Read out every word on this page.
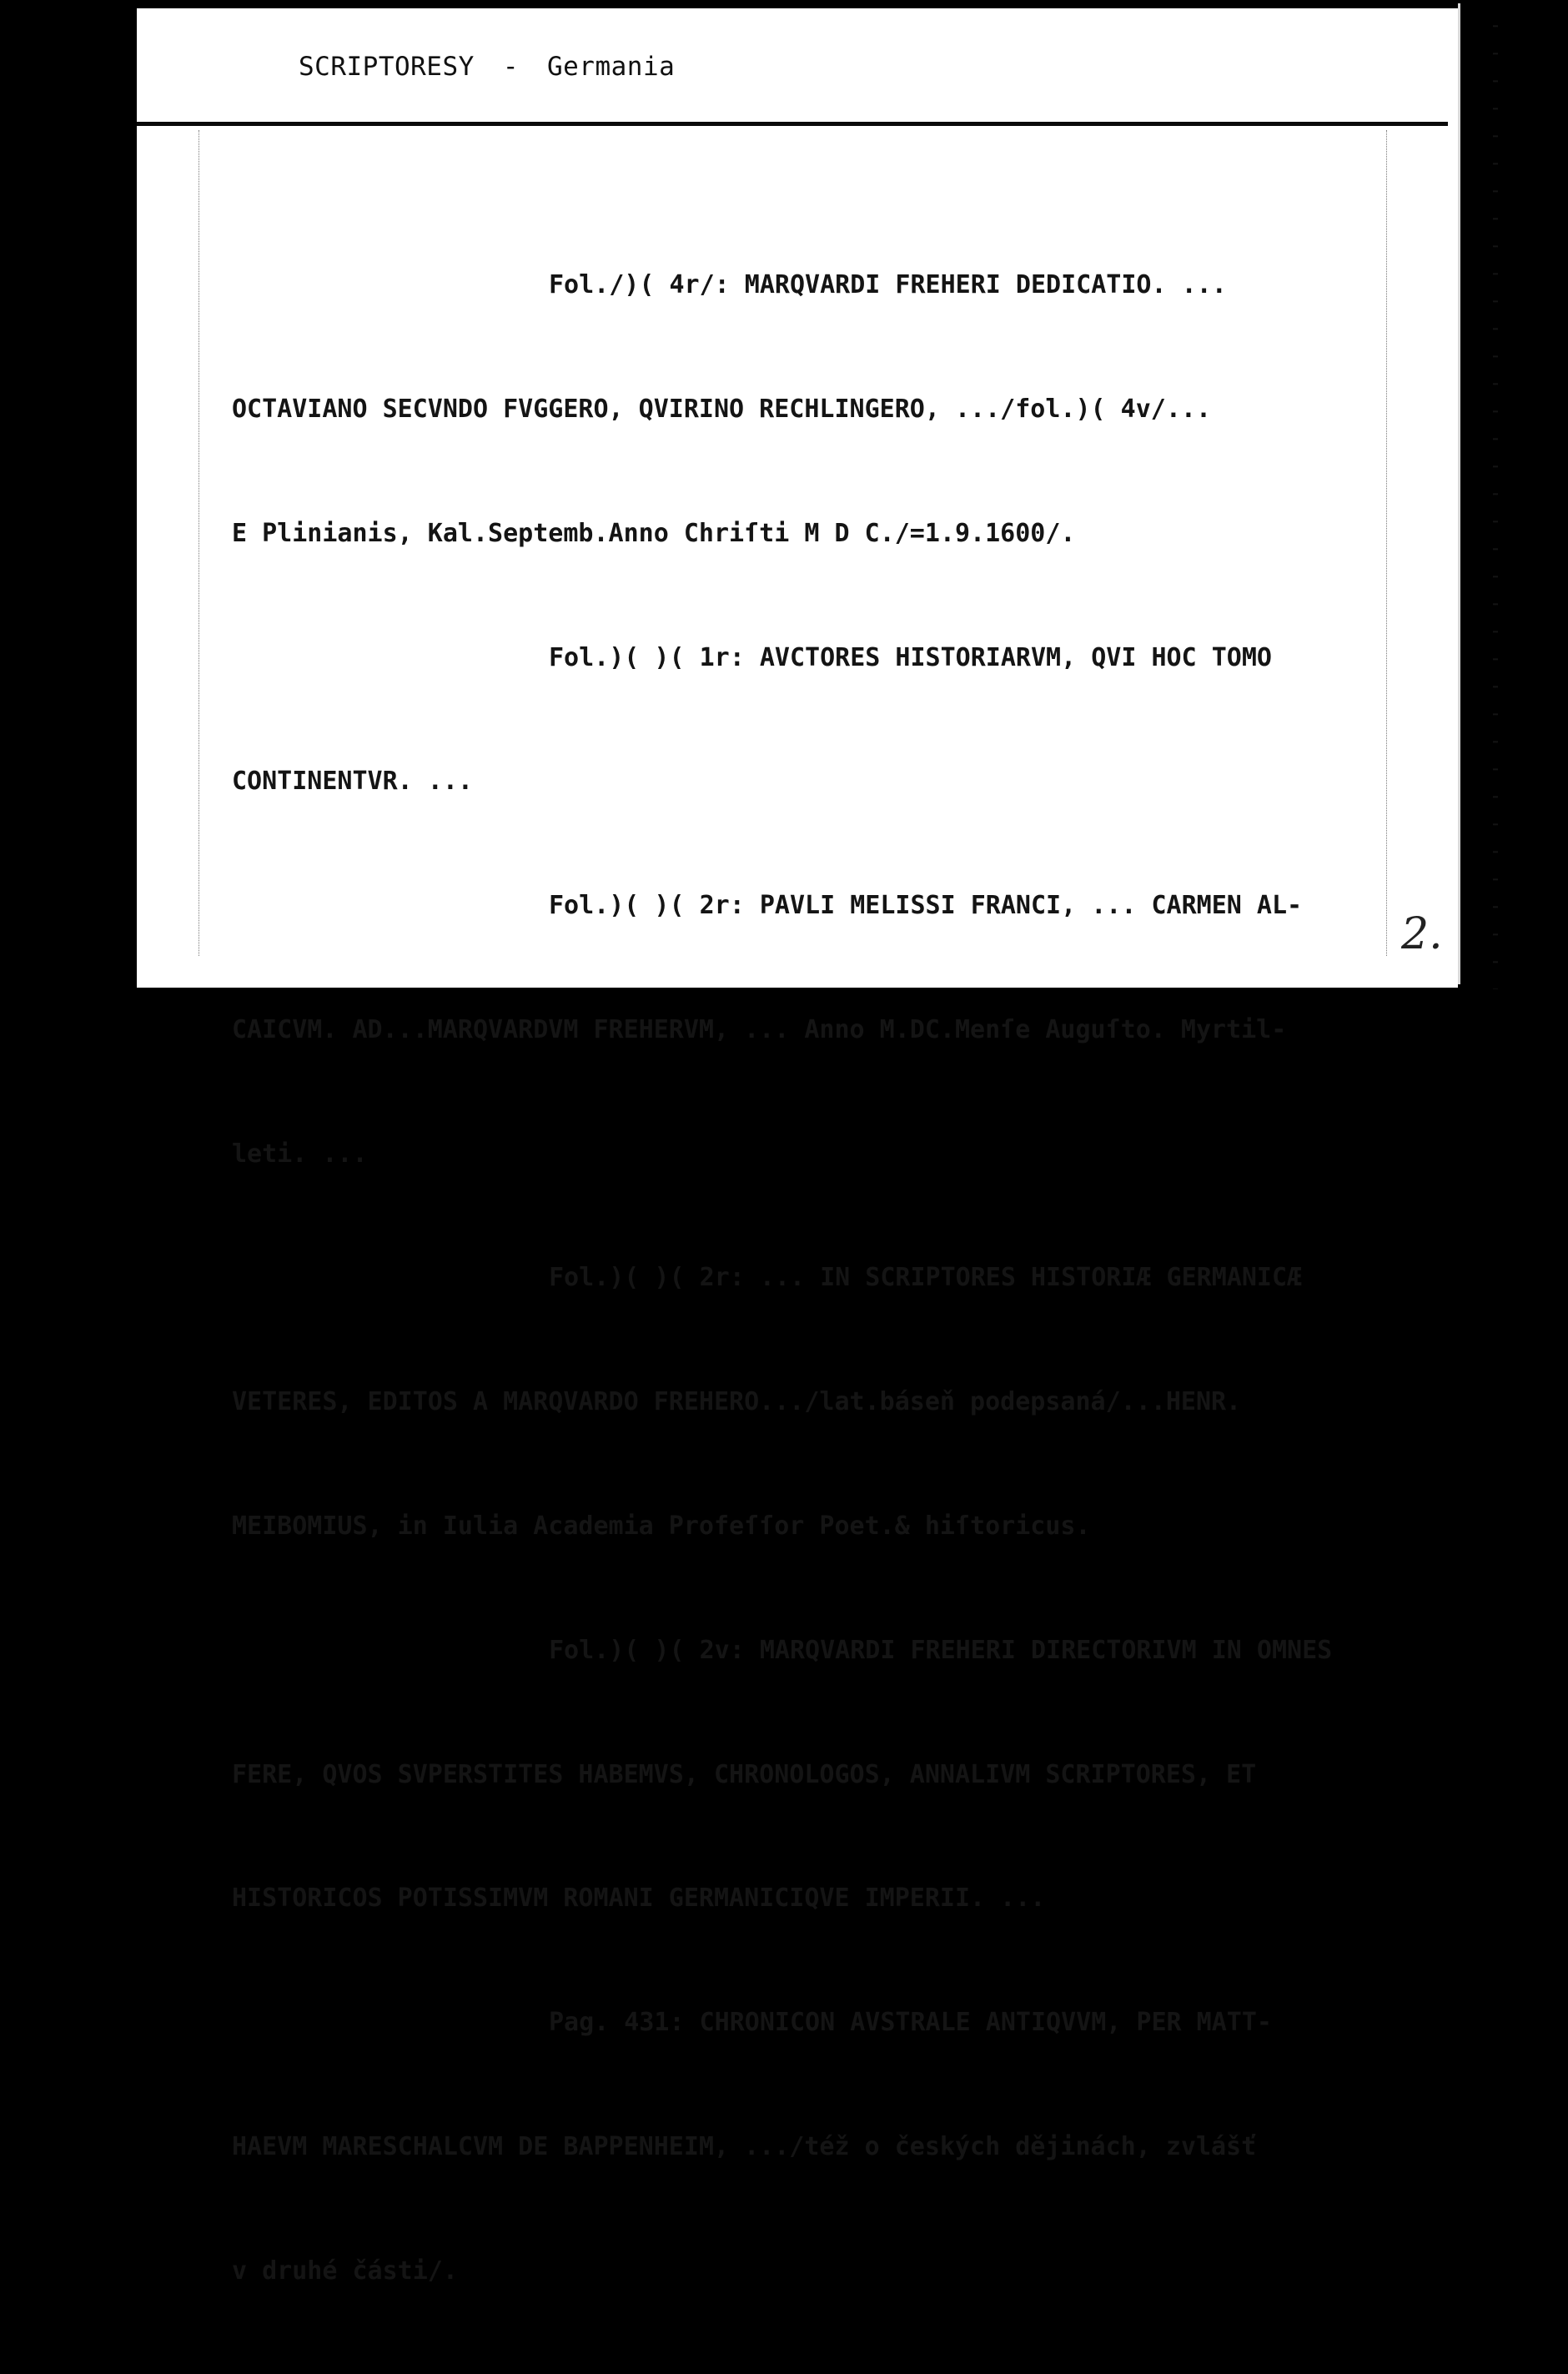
SCRIPTORESY - Germania

Fol./)( 4r/: MARQVARDI FREHERI DEDICATIO. ...

OCTAVIANO SECVNDO FVGGERO, QVIRINO RECHLINGERO, .../fol.)( 4v/...

E Plinianis, Kal.Septemb.Anno Chriſti M D C./=1.9.1600/.

Fol.)( )( 1r: AVCTORES HISTORIARVM, QVI HOC TOMO

CONTINENTVR. ...

Fol.)( )( 2r: PAVLI MELISSI FRANCI, ... CARMEN AL-

CAICVM. AD...MARQVARDVM FREHERVM, ... Anno M.DC.Menſe Auguſto. Myrtil-

leti. ...

Fol.)( )( 2r: ... IN SCRIPTORES HISTORIÆ GERMANICÆ

VETERES, EDITOS A MARQVARDO FREHERO.../lat.báseň podepsaná/...HENR.

MEIBOMIUS, in Iulia Academia Profeſſor Poet.& hiſtoricus.

Fol.)( )( 2v: MARQVARDI FREHERI DIRECTORIVM IN OMNES

FERE, QVOS SVPERSTITES HABEMVS, CHRONOLOGOS, ANNALIVM SCRIPTORES, ET

HISTORICOS POTISSIMVM ROMANI GERMANICIQVE IMPERII. ...

Pag. 431: CHRONICON AVSTRALE ANTIQVVM, PER MATT-

HAEVM MARESCHALCVM DE BAPPENHEIM, .../též o českých dějinách, zvlášť

v druhé části/.

2.
